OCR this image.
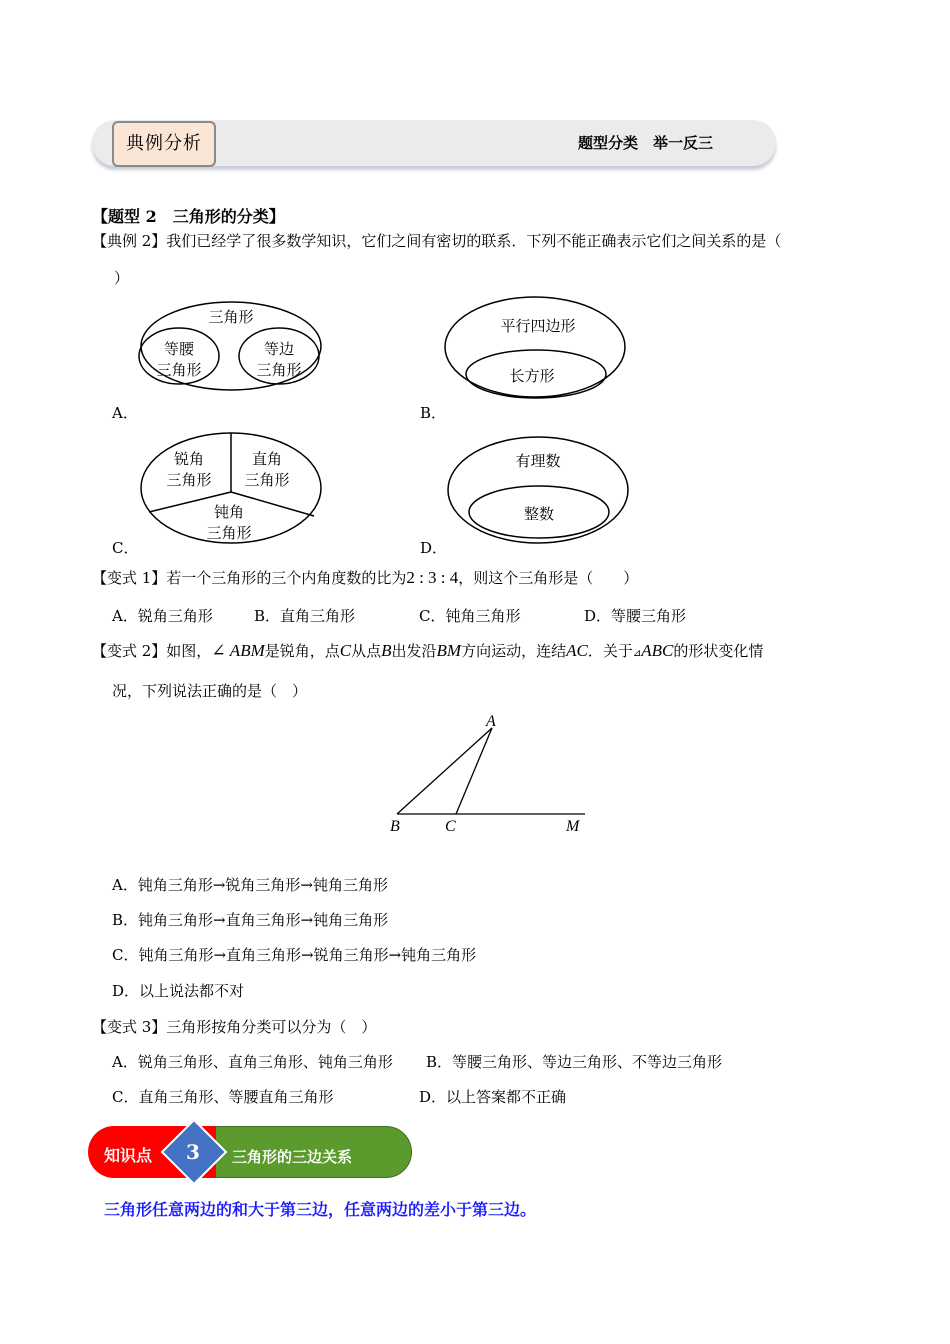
典例分析	题型分类　举一反三
【题型 2　三角形的分类】
【典例 2】我们已经学了很多数学知识，它们之间有密切的联系．下列不能正确表示它们之间关系的是（
）
三角形
等腰
三角形
等边
三角形
A．
平行四边形
长方形
B．
锐角
三角形
直角
三角形
钝角
三角形
C．
有理数
整数
D．
【变式 1】若一个三角形的三个内角度数的比为2 : 3 : 4，则这个三角形是（　　）
A．锐角三角形	B．直角三角形	C．钝角三角形	D．等腰三角形
【变式 2】如图，∠ ABM是锐角，点C从点B出发沿BM方向运动，连结AC．关于⊿ABC的形状变化情
况，下列说法正确的是（　）
A
B	C	M
A．钝角三角形→锐角三角形→钝角三角形
B．钝角三角形→直角三角形→钝角三角形
C．钝角三角形→直角三角形→锐角三角形→钝角三角形
D．以上说法都不对
【变式 3】三角形按角分类可以分为（　）
A．锐角三角形、直角三角形、钝角三角形 B．等腰三角形、等边三角形、不等边三角形
C．直角三角形、等腰直角三角形	D．以上答案都不正确
知识点 3 三角形的三边关系
三角形任意两边的和大于第三边，任意两边的差小于第三边。
